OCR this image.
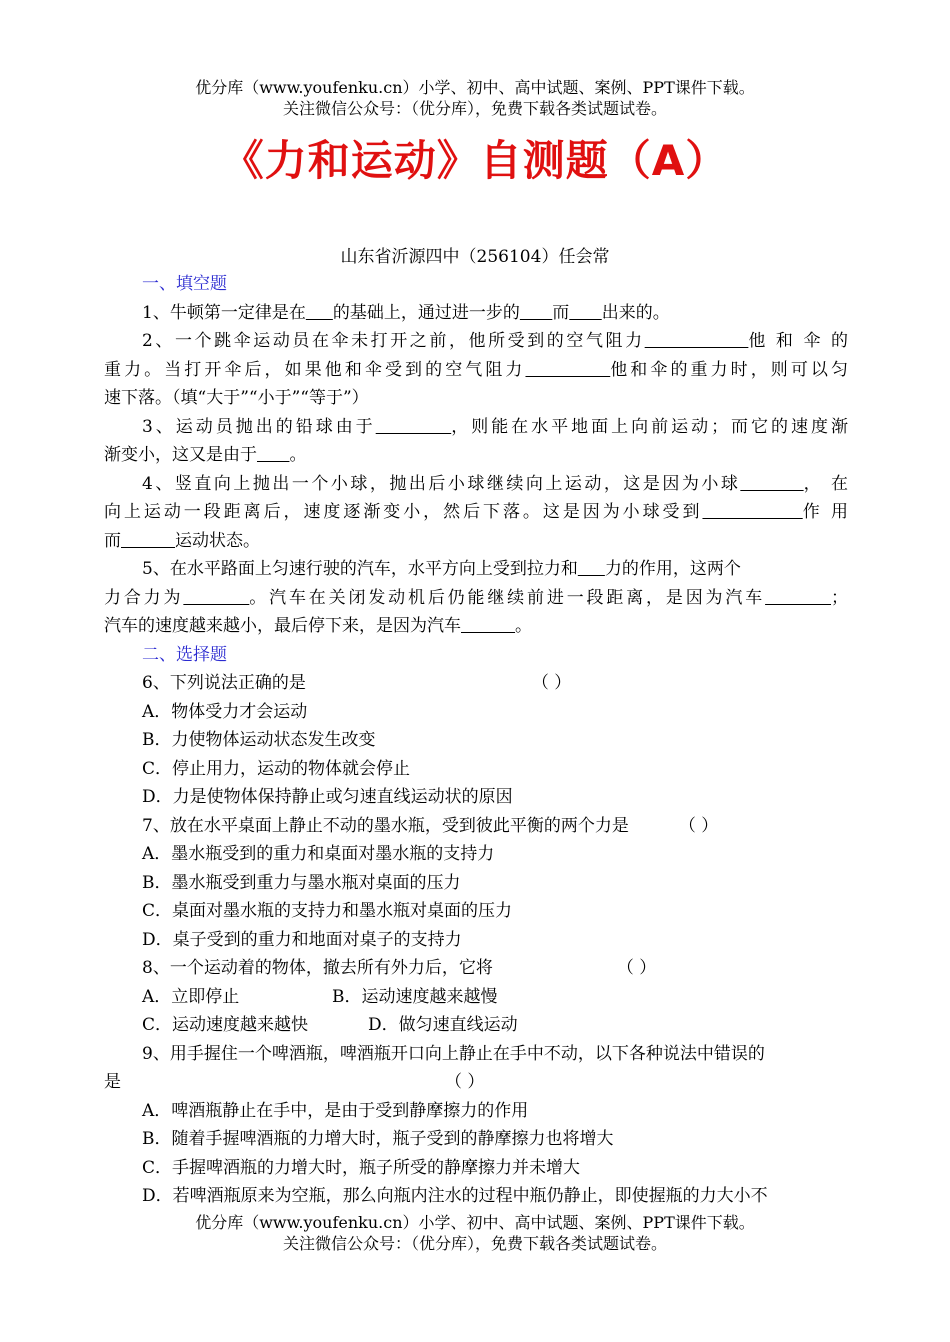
优分库（www.youfenku.cn）小学、初中、高中试题、案例、PPT课件下载。
关注微信公众号：（优分库），免费下载各类试题试卷。
《力和运动》自测题（A）
山东省沂源四中（256104）任会常
一、填空题
1、牛顿第一定律是在 的基础上，通过进一步的 而 出来的。
2、一个跳伞运动员在伞未打开之前，他所受到的空气阻力	他 和 伞 的
重力。当打开伞后，如果他和伞受到的空气阻力	他和伞的重力时，则可以匀
速下落。（填“大于”“小于”“等于”）
3、运动员抛出的铅球由于	，则能在水平地面上向前运动；而它的速度渐
渐变小，这又是由于 。
4、竖直向上抛出一个小球，抛出后小球继续向上运动，这是因为小球	， 在
向上运动一段距离后，速度逐渐变小，然后下落。这是因为小球受到	作 用
而	运动状态。
5、在水平路面上匀速行驶的汽车，水平方向上受到拉力和 力的作用，这两个
力合力为	。汽车在关闭发动机后仍能继续前进一段距离，是因为汽车	；
汽车的速度越来越小，最后停下来，是因为汽车	。
二、选择题
6、下列说法正确的是	（ ）
A．物体受力才会运动
B．力使物体运动状态发生改变
C．停止用力，运动的物体就会停止
D．力是使物体保持静止或匀速直线运动状的原因
7、放在水平桌面上静止不动的墨水瓶，受到彼此平衡的两个力是	（ ）
A．墨水瓶受到的重力和桌面对墨水瓶的支持力
B．墨水瓶受到重力与墨水瓶对桌面的压力
C．桌面对墨水瓶的支持力和墨水瓶对桌面的压力
D．桌子受到的重力和地面对桌子的支持力
8、一个运动着的物体，撤去所有外力后，它将	（ ）
A．立即停止	B．运动速度越来越慢
C．运动速度越来越快	D．做匀速直线运动
9、用手握住一个啤酒瓶，啤酒瓶开口向上静止在手中不动，以下各种说法中错误的
是	（ ）
A．啤酒瓶静止在手中，是由于受到静摩擦力的作用
B．随着手握啤酒瓶的力增大时，瓶子受到的静摩擦力也将增大
C．手握啤酒瓶的力增大时，瓶子所受的静摩擦力并未增大
D．若啤酒瓶原来为空瓶，那么向瓶内注水的过程中瓶仍静止，即使握瓶的力大小不
优分库（www.youfenku.cn）小学、初中、高中试题、案例、PPT课件下载。
关注微信公众号：（优分库），免费下载各类试题试卷。
